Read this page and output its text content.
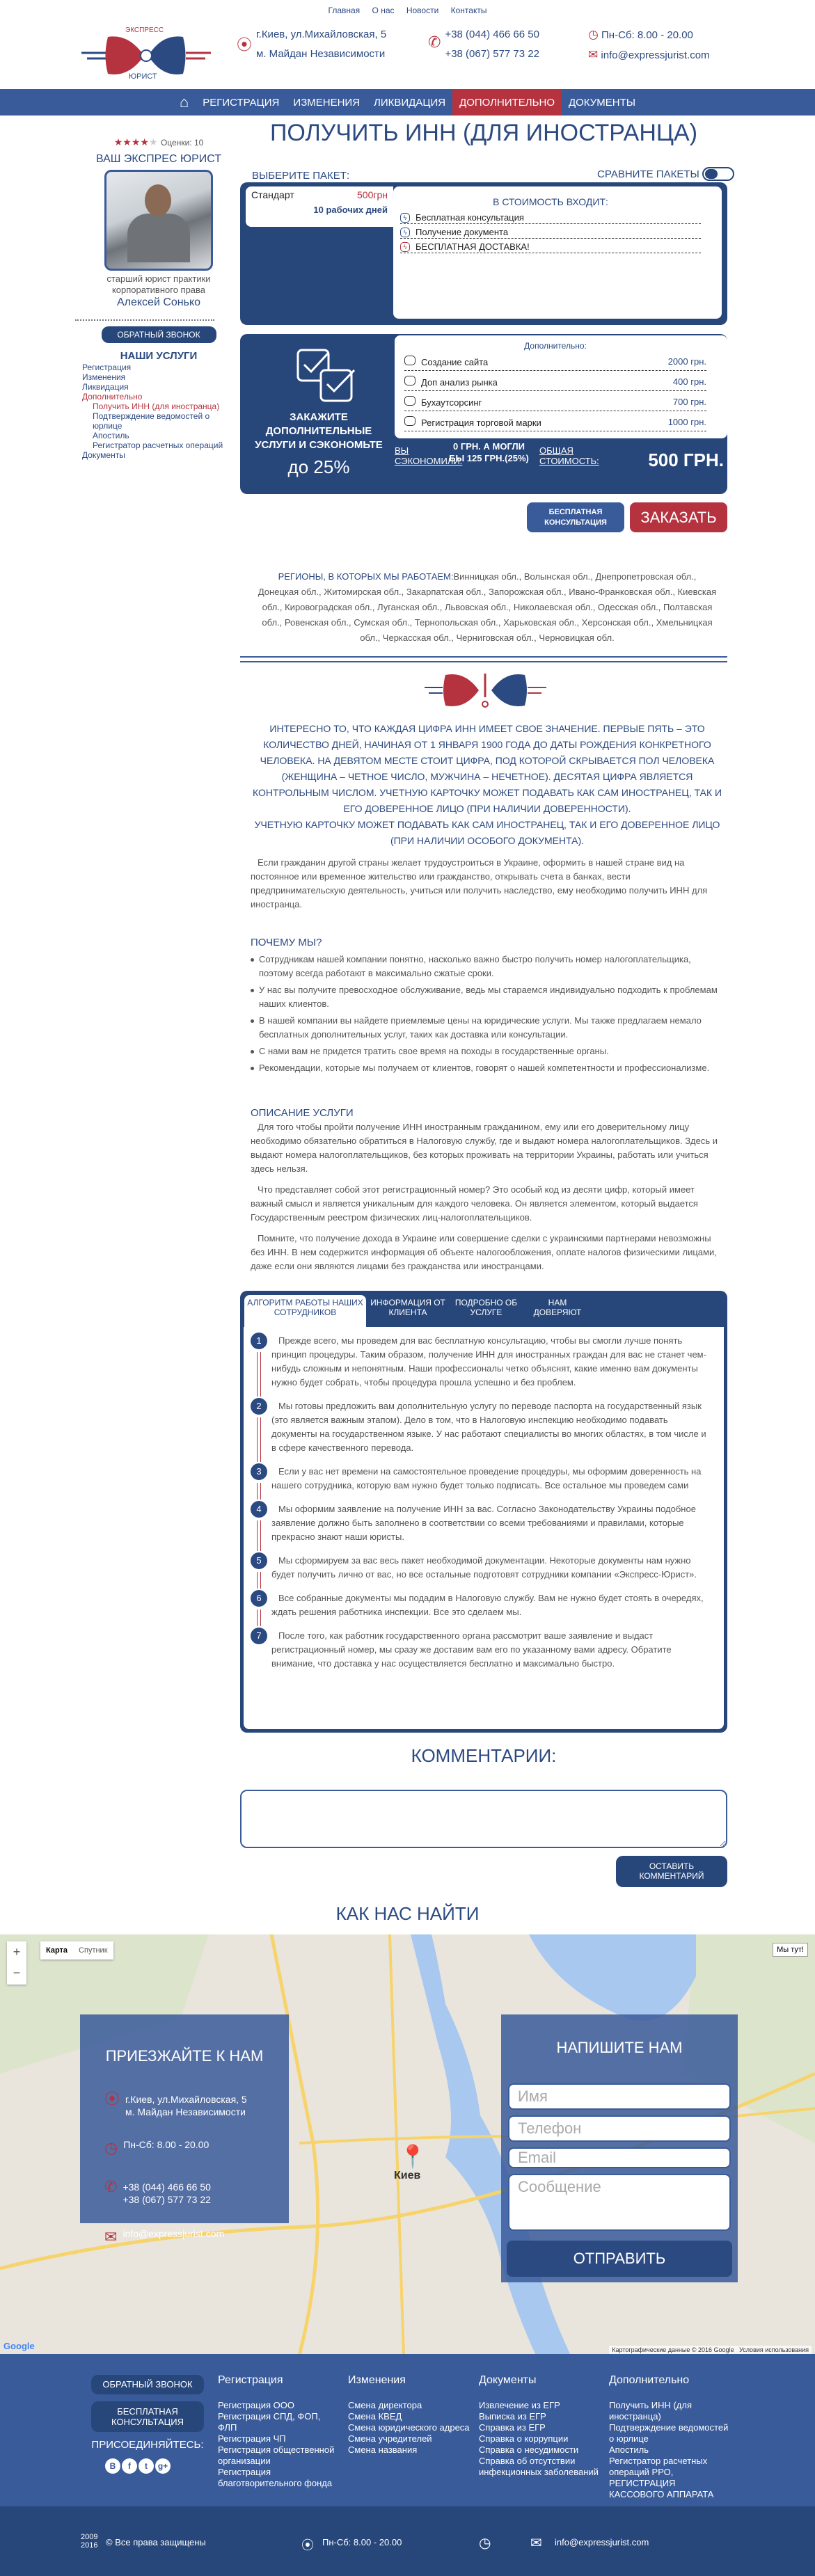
Главная О нас Новости Контакты
ЭКСПРЕСС
ЮРИСТ
⦿
г.Киев, ул.Михайловская, 5
м. Майдан Независимости
✆ +38 (044) 466 66 50
+38 (067) 577 73 22
◷ Пн-Сб: 8.00 - 20.00
✉ info@expressjurist.com
⌂	РЕГИСТРАЦИЯ	ИЗМЕНЕНИЯ	ЛИКВИДАЦИЯ	ДОПОЛНИТЕЛЬНО	ДОКУМЕНТЫ
ПОЛУЧИТЬ ИНН (ДЛЯ ИНОСТРАНЦА)
★★★★★ Оценки: 10
ВАШ ЭКСПРЕС ЮРИСТ
старший юрист практики корпоративного права
Алексей Сонько
ОБРАТНЫЙ ЗВОНОК
НАШИ УСЛУГИ
Регистрация
Изменения
Ликвидация
Дополнительно
Получить ИНН (для иностранца)
Подтверждение ведомостей о юрлице
Апостиль
Регистратор расчетных операций
Документы
ВЫБЕРИТЕ ПАКЕТ:	СРАВНИТЕ ПАКЕТЫ
Стандарт	500грн
10 рабочих дней
В СТОИМОСТЬ ВХОДИТ:
ϟ Бесплатная консультация
ϟ Получение документа
ϟ БЕСПЛАТНАЯ ДОСТАВКА!
ЗАКАЖИТЕ ДОПОЛНИТЕЛЬНЫЕ УСЛУГИ И СЭКОНОМЬТЕ
до 25%
Дополнительно:
Создание сайта	2000 грн.
Доп анализ рынка	400 грн.
Бухаутсорсинг	700 грн.
Регистрация торговой марки	1000 грн.
ВЫ СЭКОНОМИЛИ:
0 ГРН. А МОГЛИ БЫ 125 ГРН.(25%)
ОБЩАЯ СТОИМОСТЬ:	500 ГРН.
БЕСПЛАТНАЯ КОНСУЛЬТАЦИЯ	ЗАКАЗАТЬ
РЕГИОНЫ, В КОТОРЫХ МЫ РАБОТАЕМ:Винницкая обл., Волынская обл., Днепропетровская обл., Донецкая обл., Житомирская обл., Закарпатская обл., Запорожская обл., Ивано-Франковская обл., Киевская обл., Кировоградская обл., Луганская обл., Львовская обл., Николаевская обл., Одесская обл., Полтавская обл., Ровенская обл., Сумская обл., Тернопольская обл., Харьковская обл., Херсонская обл., Хмельницкая обл., Черкасская обл., Черниговская обл., Черновицкая обл.
ИНТЕРЕСНО ТО, ЧТО КАЖДАЯ ЦИФРА ИНН ИМЕЕТ СВОЕ ЗНАЧЕНИЕ. ПЕРВЫЕ ПЯТЬ – ЭТО КОЛИЧЕСТВО ДНЕЙ, НАЧИНАЯ ОТ 1 ЯНВАРЯ 1900 ГОДА ДО ДАТЫ РОЖДЕНИЯ КОНКРЕТНОГО ЧЕЛОВЕКА. НА ДЕВЯТОМ МЕСТЕ СТОИТ ЦИФРА, ПОД КОТОРОЙ СКРЫВАЕТСЯ ПОЛ ЧЕЛОВЕКА (ЖЕНЩИНА – ЧЕТНОЕ ЧИСЛО, МУЖЧИНА – НЕЧЕТНОЕ). ДЕСЯТАЯ ЦИФРА ЯВЛЯЕТСЯ КОНТРОЛЬНЫМ ЧИСЛОМ. УЧЕТНУЮ КАРТОЧКУ МОЖЕТ ПОДАВАТЬ КАК САМ ИНОСТРАНЕЦ, ТАК И ЕГО ДОВЕРЕННОЕ ЛИЦО (ПРИ НАЛИЧИИ ДОВЕРЕННОСТИ).
УЧЕТНУЮ КАРТОЧКУ МОЖЕТ ПОДАВАТЬ КАК САМ ИНОСТРАНЕЦ, ТАК И ЕГО ДОВЕРЕННОЕ ЛИЦО (ПРИ НАЛИЧИИ ОСОБОГО ДОКУМЕНТА).
Если гражданин другой страны желает трудоустроиться в Украине, оформить в нашей стране вид на постоянное или временное жительство или гражданство, открывать счета в банках, вести предпринимательскую деятельность, учиться или получить наследство, ему необходимо получить ИНН для иностранца.
ПОЧЕМУ МЫ?
Сотрудникам нашей компании понятно, насколько важно быстро получить номер налогоплательщика, поэтому всегда работают в максимально сжатые сроки.
У нас вы получите превосходное обслуживание, ведь мы стараемся индивидуально подходить к проблемам наших клиентов.
В нашей компании вы найдете приемлемые цены на юридические услуги. Мы также предлагаем немало бесплатных дополнительных услуг, таких как доставка или консультации.
С нами вам не придется тратить свое время на походы в государственные органы.
Рекомендации, которые мы получаем от клиентов, говорят о нашей компетентности и профессионализме.
ОПИСАНИЕ УСЛУГИ

Для того чтобы пройти получение ИНН иностранным гражданином, ему или его доверительному лицу необходимо обязательно обратиться в Налоговую службу, где и выдают номера налогоплательщиков. Здесь и выдают номера налогоплательщиков, без которых проживать на территории Украины, работать или учиться здесь нельзя.

Что представляет собой этот регистрационный номер? Это особый код из десяти цифр, который имеет важный смысл и является уникальным для каждого человека. Он является элементом, который выдается Государственным реестром физических лиц-налогоплательщиков.

Помните, что получение дохода в Украине или совершение сделки с украинскими партнерами невозможны без ИНН. В нем содержится информация об объекте налогообложения, оплате налогов физическими лицами, даже если они являются лицами без гражданства или иностранцами.

АЛГОРИТМ РАБОТЫ НАШИХ СОТРУДНИКОВ
ИНФОРМАЦИЯ ОТ КЛИЕНТА
ПОДРОБНО ОБ УСЛУГЕ
НАМ ДОВЕРЯЮТ
1	Прежде всего, мы проведем для вас бесплатную консультацию, чтобы вы смогли лучше понять принцип процедуры. Таким образом, получение ИНН для иностранных граждан для вас не станет чем-нибудь сложным и непонятным. Наши профессионалы четко объяснят, какие именно вам документы нужно будет собрать, чтобы процедура прошла успешно и без проблем.
2	Мы готовы предложить вам дополнительную услугу по переводе паспорта на государственный язык (это является важным этапом). Дело в том, что в Налоговую инспекцию необходимо подавать документы на государственном языке. У нас работают специалисты во многих областях, в том числе и в сфере качественного перевода.
3	Если у вас нет времени на самостоятельное проведение процедуры, мы оформим доверенность на нашего сотрудника, которую вам нужно будет только подписать. Все остальное мы проведем сами
4	Мы оформим заявление на получение ИНН за вас. Согласно Законодательству Украины подобное заявление должно быть заполнено в соответствии со всеми требованиями и правилами, которые прекрасно знают наши юристы.
5	Мы сформируем за вас весь пакет необходимой документации. Некоторые документы нам нужно будет получить лично от вас, но все остальные подготовят сотрудники компании «Экспресс-Юрист».
6	Все собранные документы мы подадим в Налоговую службу. Вам не нужно будет стоять в очередях, ждать решения работника инспекции. Все это сделаем мы.
7	После того, как работник государственного органа рассмотрит ваше заявление и выдаст регистрационный номер, мы сразу же доставим вам его по указанному вами адресу. Обратите внимание, что доставка у нас осуществляется бесплатно и максимально быстро.
КОММЕНТАРИИ:
ОСТАВИТЬ КОММЕНТАРИЙ
КАК НАС НАЙТИ
+
−
Карта	Спутник	Мы тут!
📍
Киев
Google	Картографические данные © 2016 Google Условия использования
ПРИЕЗЖАЙТЕ К НАМ
⦿ г.Киев, ул.Михайловская, 5
м. Майдан Независимости
◷ Пн-Сб: 8.00 - 20.00
✆ +38 (044) 466 66 50
+38 (067) 577 73 22
✉ info@expressjurist.com
НАПИШИТЕ НАМ
Имя
Телефон
Email
Сообщение
ОТПРАВИТЬ
ОБРАТНЫЙ ЗВОНОК
БЕСПЛАТНАЯ КОНСУЛЬТАЦИЯ
ПРИСОЕДИНЯЙТЕСЬ:
В f t g+
Регистрация
Регистрация ООО
Регистрация СПД, ФОП, ФЛП
Регистрация ЧП
Регистрация общественной организации
Регистрация благотворительного фонда
Изменения
Смена директора
Смена КВЕД
Смена юридического адреса
Смена учредителей
Смена названия
Документы
Извлечение из ЕГР
Выписка из ЕГР
Справка из ЕГР
Справка о коррупции
Справка о несудимости
Справка об отсутствии инфекционных заболеваний
Дополнительно
Получить ИНН (для иностранца)
Подтверждение ведомостей о юрлице
Апостиль
Регистратор расчетных операций РРО, РЕГИСТРАЦИЯ КАССОВОГО АППАРАТА
2009 2016 © Все права защищены	⦿ Пн-Сб: 8.00 - 20.00	◷	✉ info@expressjurist.com
